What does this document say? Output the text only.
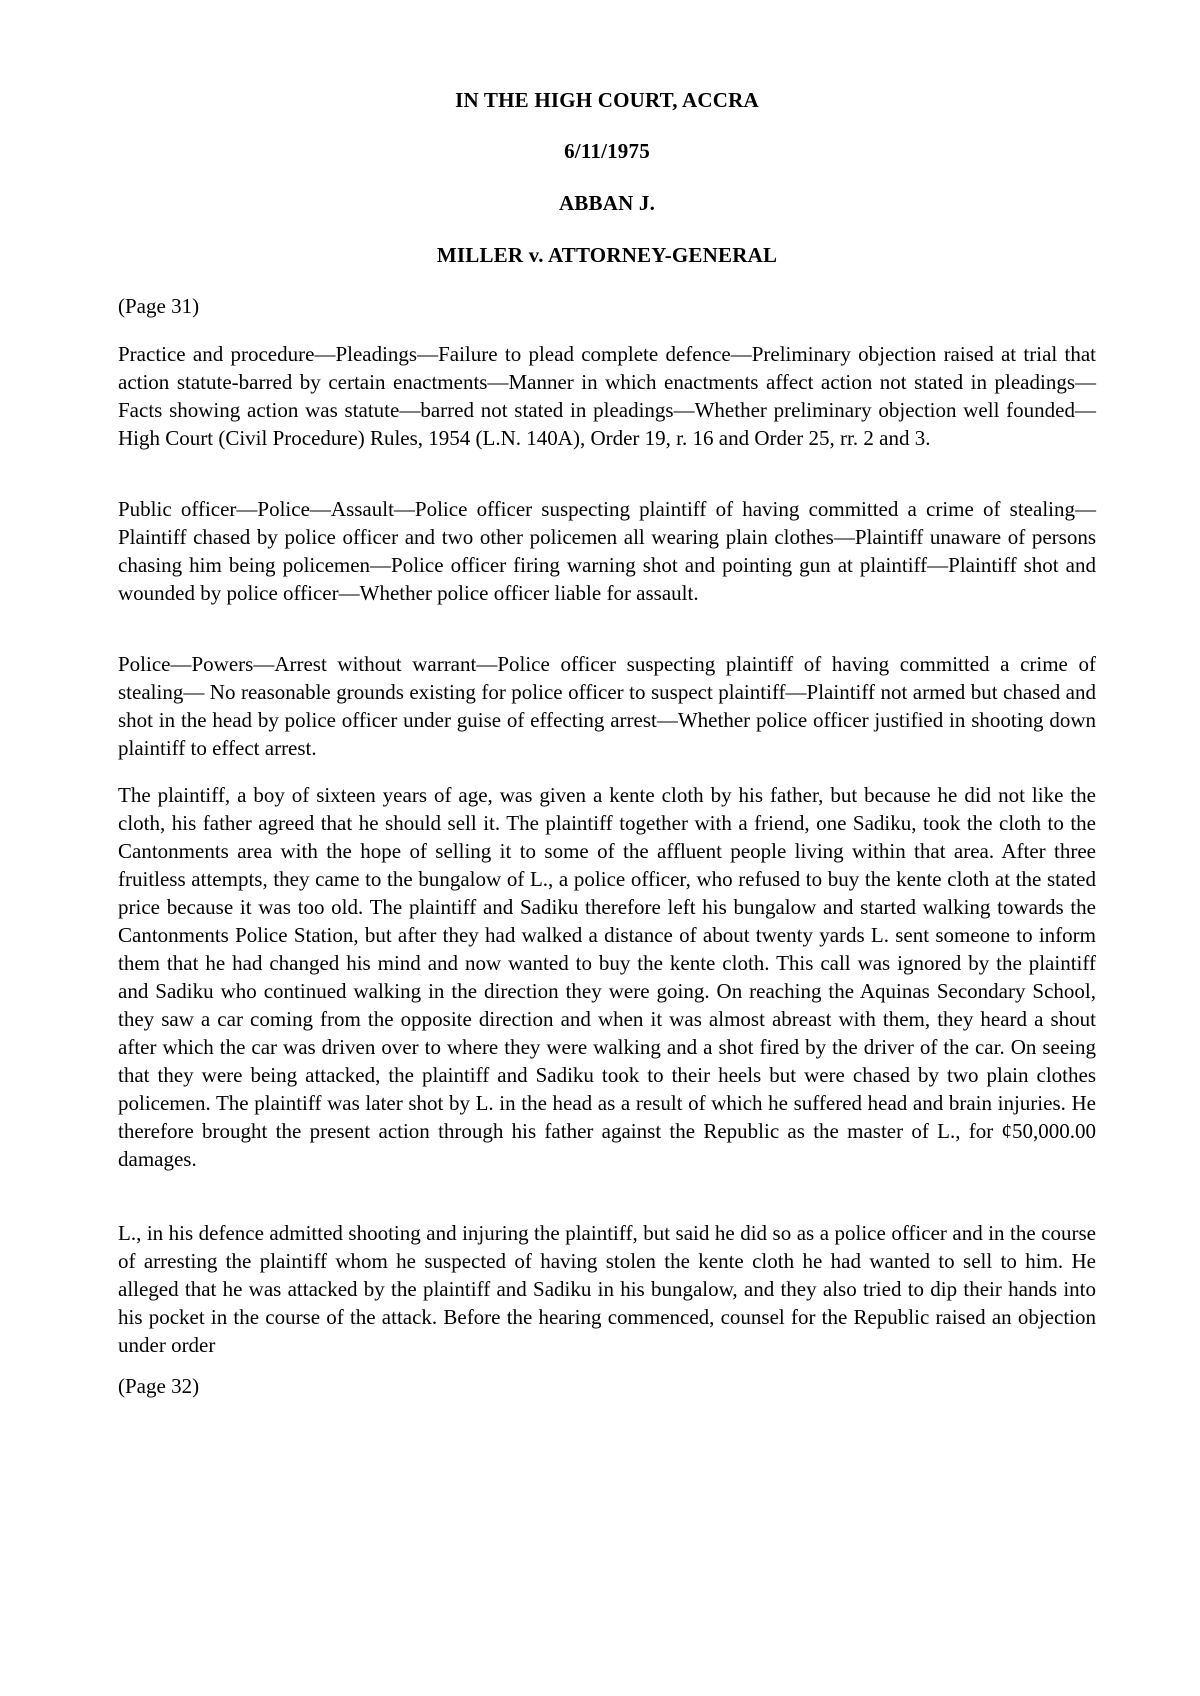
IN THE HIGH COURT, ACCRA
6/11/1975
ABBAN J.
MILLER v. ATTORNEY-GENERAL
(Page 31)

Practice and procedure—Pleadings—Failure to plead complete defence—Preliminary objection raised at trial that action statute-barred by certain enactments—Manner in which enactments affect action not stated in pleadings— Facts showing action was statute—barred not stated in pleadings—Whether preliminary objection well founded—High Court (Civil Procedure) Rules, 1954 (L.N. 140A), Order 19, r. 16 and Order 25, rr. 2 and 3.

Public officer—Police—Assault—Police officer suspecting plaintiff of having committed a crime of stealing—Plaintiff chased by police officer and two other policemen all wearing plain clothes—Plaintiff unaware of persons chasing him being policemen—Police officer firing warning shot and pointing gun at plaintiff—Plaintiff shot and wounded by police officer—Whether police officer liable for assault.

Police—Powers—Arrest without warrant—Police officer suspecting plaintiff of having committed a crime of stealing— No reasonable grounds existing for police officer to suspect plaintiff—Plaintiff not armed but chased and shot in the head by police officer under guise of effecting arrest—Whether police officer justified in shooting down plaintiff to effect arrest.

The plaintiff, a boy of sixteen years of age, was given a kente cloth by his father, but because he did not like the cloth, his father agreed that he should sell it. The plaintiff together with a friend, one Sadiku, took the cloth to the Cantonments area with the hope of selling it to some of the affluent people living within that area. After three fruitless attempts, they came to the bungalow of L., a police officer, who refused to buy the kente cloth at the stated price because it was too old. The plaintiff and Sadiku therefore left his bungalow and started walking towards the Cantonments Police Station, but after they had walked a distance of about twenty yards L. sent someone to inform them that he had changed his mind and now wanted to buy the kente cloth. This call was ignored by the plaintiff and Sadiku who continued walking in the direction they were going. On reaching the Aquinas Secondary School, they saw a car coming from the opposite direction and when it was almost abreast with them, they heard a shout after which the car was driven over to where they were walking and a shot fired by the driver of the car. On seeing that they were being attacked, the plaintiff and Sadiku took to their heels but were chased by two plain clothes policemen. The plaintiff was later shot by L. in the head as a result of which he suffered head and brain injuries. He therefore brought the present action through his father against the Republic as the master of L., for ¢50,000.00 damages.

L., in his defence admitted shooting and injuring the plaintiff, but said he did so as a police officer and in the course of arresting the plaintiff whom he suspected of having stolen the kente cloth he had wanted to sell to him. He alleged that he was attacked by the plaintiff and Sadiku in his bungalow, and they also tried to dip their hands into his pocket in the course of the attack. Before the hearing commenced, counsel for the Republic raised an objection under order

(Page 32)
